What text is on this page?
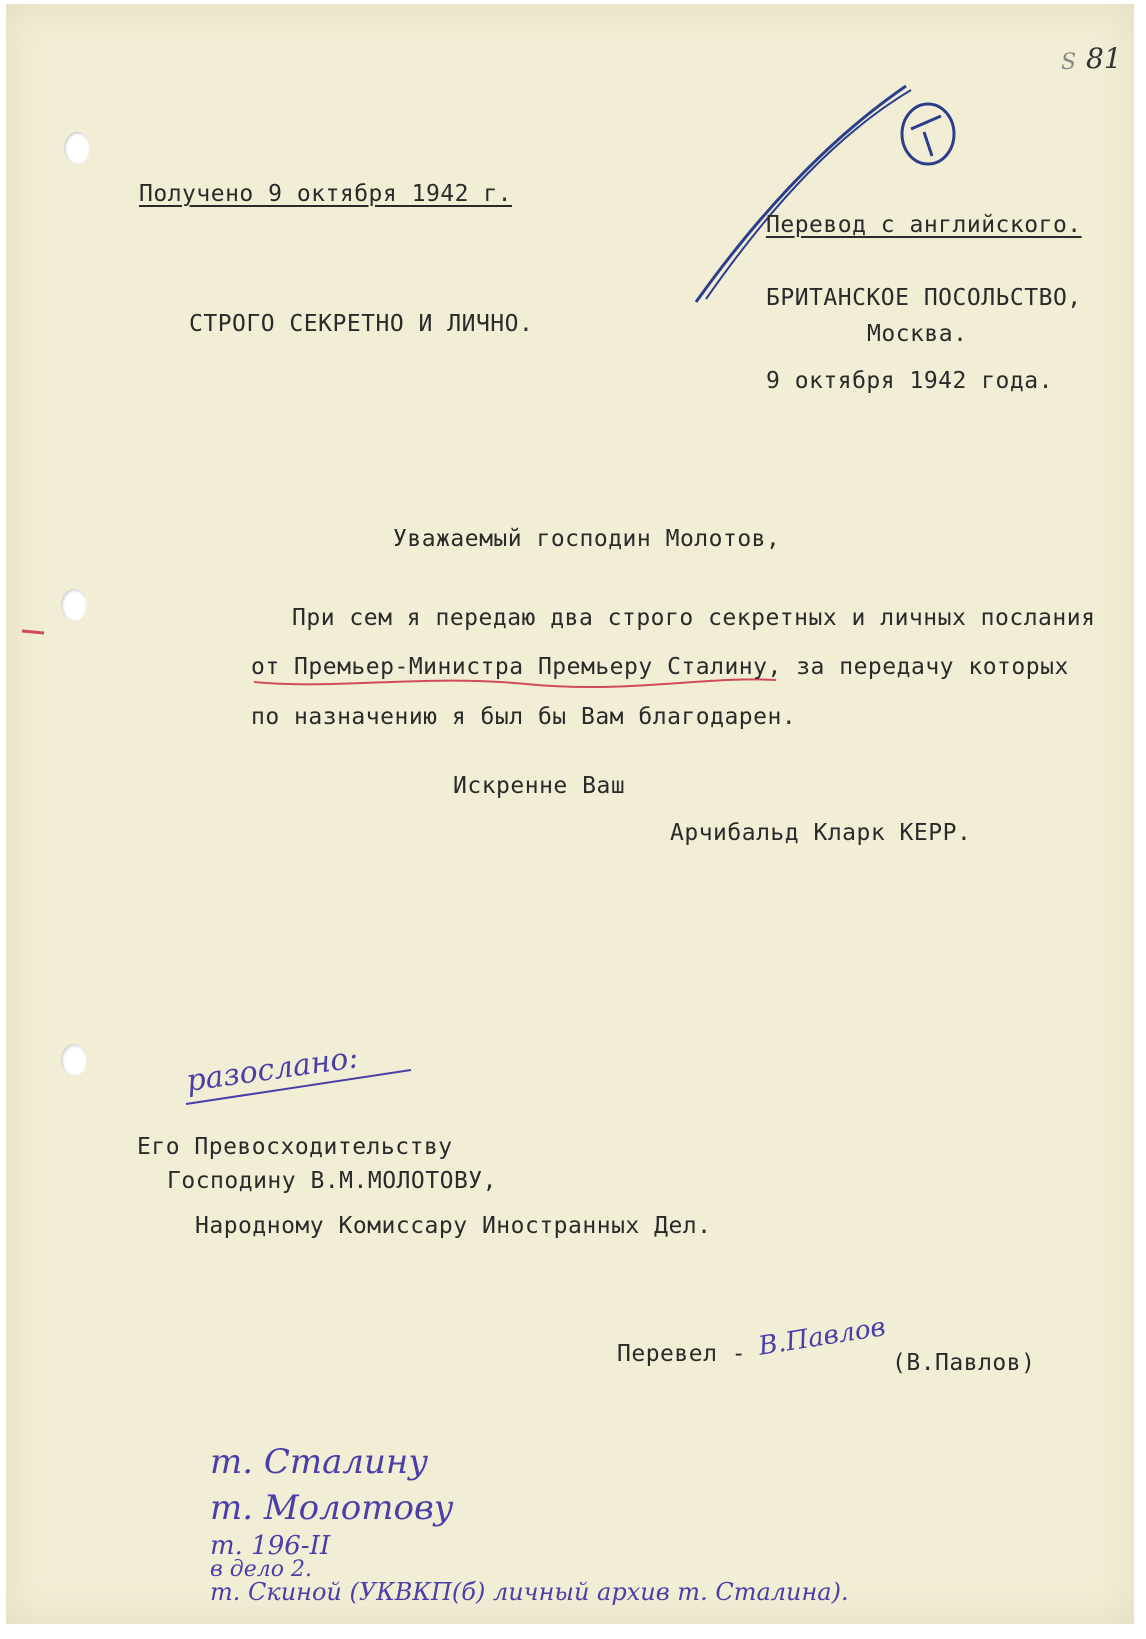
81
S
Получено 9 октября 1942 г.
Перевод с английского.
СТРОГО СЕКРЕТНО И ЛИЧНО.
БРИТАНСКОЕ ПОСОЛЬСТВО,
Москва.
9 октября 1942 года.
Уважаемый господин Молотов,
При сем я передаю два строго секретных и личных послания
от Премьер-Министра Премьеру Сталину, за передачу которых
по назначению я был бы Вам благодарен.
Искренне Ваш
Арчибальд Кларк КЕРР.
Его Превосходительству
Господину В.М.МОЛОТОВУ,
Народному Комиссару Иностранных Дел.
Перевел - В.Павлов
(В.Павлов)
разослано:
т. Сталину
т. Молотову
т. 196-II
в дело 2.
т. Скиной (УКВКП(б) личный архив т. Сталина).
